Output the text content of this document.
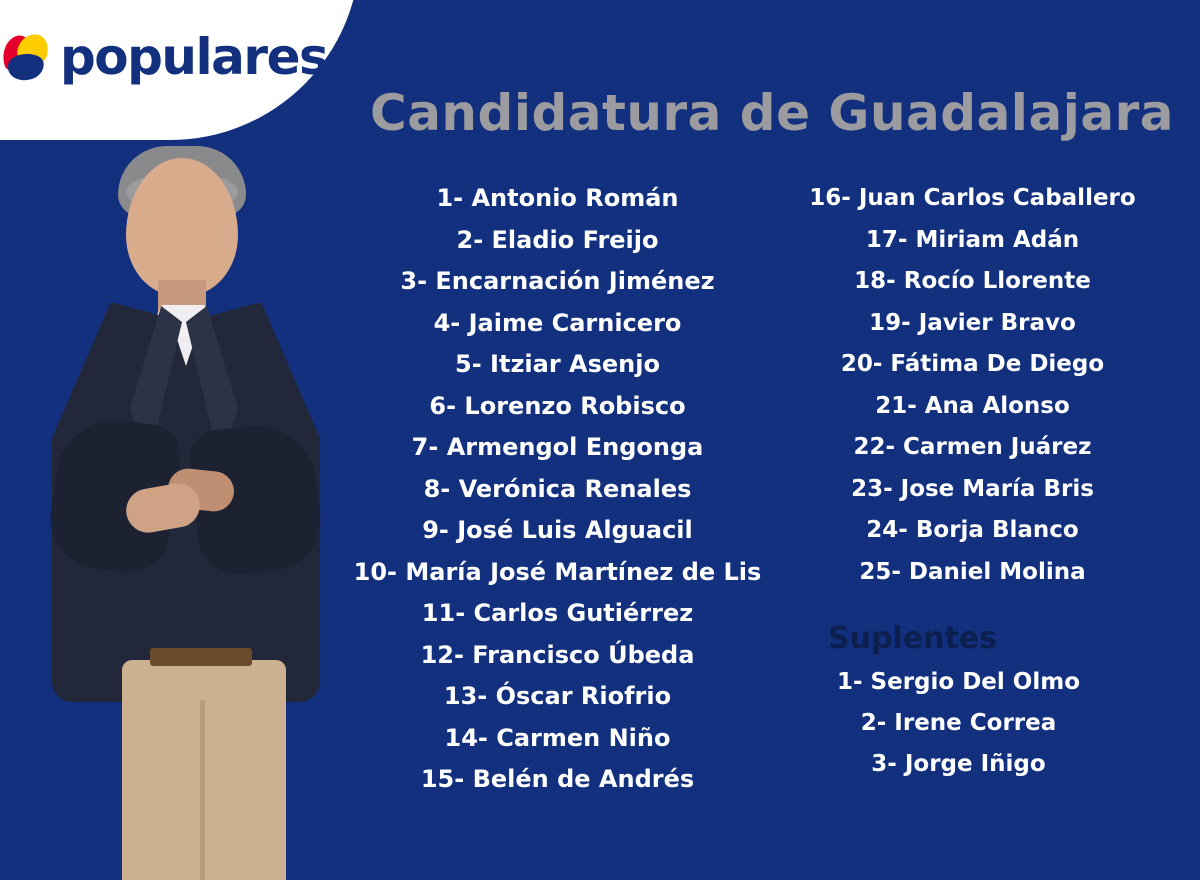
populares ®
Candidatura de Guadalajara
1- Antonio Román
2- Eladio Freijo
3- Encarnación Jiménez
4- Jaime Carnicero
5- Itziar Asenjo
6- Lorenzo Robisco
7- Armengol Engonga
8- Verónica Renales
9- José Luis Alguacil
10- María José Martínez de Lis
11- Carlos Gutiérrez
12- Francisco Úbeda
13- Óscar Riofrio
14- Carmen Niño
15- Belén de Andrés
16- Juan Carlos Caballero
17- Miriam Adán
18- Rocío Llorente
19- Javier Bravo
20- Fátima De Diego
21- Ana Alonso
22- Carmen Juárez
23- Jose María Bris
24- Borja Blanco
25- Daniel Molina
Suplentes
1- Sergio Del Olmo
2- Irene Correa
3- Jorge Iñigo
